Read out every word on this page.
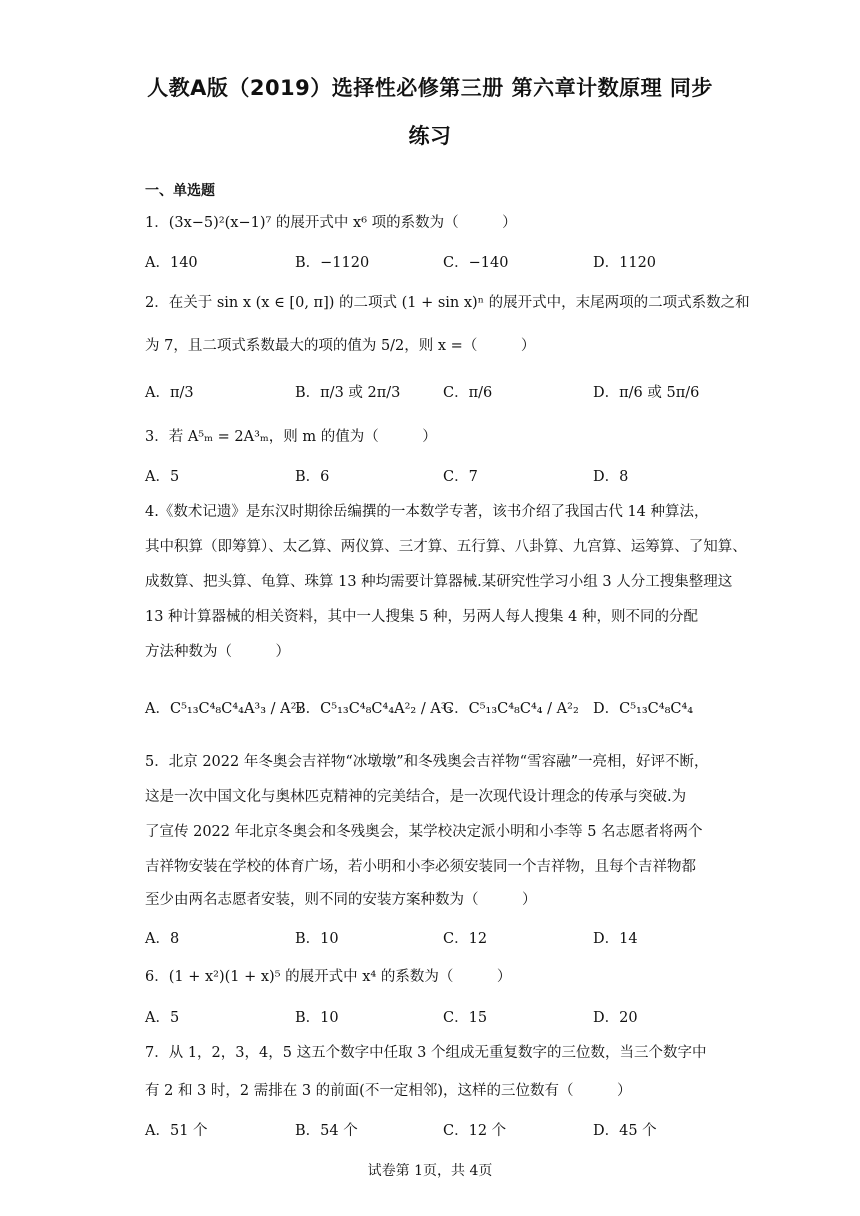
人教A版（2019）选择性必修第三册 第六章计数原理 同步
练习
一、单选题
1．(3x−5)²(x−1)⁷ 的展开式中 x⁶ 项的系数为（　　　）
A．140	B．−1120	C．−140	D．1120
2．在关于 sin x (x ∈ [0, π]) 的二项式 (1 + sin x)ⁿ 的展开式中，末尾两项的二项式系数之和
为 7，且二项式系数最大的项的值为 5/2，则 x =（　　　）
A．π/3	B．π/3 或 2π/3	C．π/6	D．π/6 或 5π/6
3．若 A⁵ₘ = 2A³ₘ，则 m 的值为（　　　）
A．5	B．6	C．7	D．8
4.《数术记遗》是东汉时期徐岳编撰的一本数学专著，该书介绍了我国古代 14 种算法，
其中积算（即筹算）、太乙算、两仪算、三才算、五行算、八卦算、九宫算、运筹算、了知算、
成数算、把头算、龟算、珠算 13 种均需要计算器械.某研究性学习小组 3 人分工搜集整理这
13 种计算器械的相关资料，其中一人搜集 5 种，另两人每人搜集 4 种，则不同的分配
方法种数为（　　　）
A．C⁵₁₃C⁴₈C⁴₄A³₃ / A²₂
B．C⁵₁₃C⁴₈C⁴₄A²₂ / A³₃
C．C⁵₁₃C⁴₈C⁴₄ / A²₂ D．C⁵₁₃C⁴₈C⁴₄
5．北京 2022 年冬奥会吉祥物“冰墩墩”和冬残奥会吉祥物“雪容融”一亮相，好评不断，
这是一次中国文化与奥林匹克精神的完美结合，是一次现代设计理念的传承与突破.为
了宣传 2022 年北京冬奥会和冬残奥会，某学校决定派小明和小李等 5 名志愿者将两个
吉祥物安装在学校的体育广场，若小明和小李必须安装同一个吉祥物，且每个吉祥物都
至少由两名志愿者安装，则不同的安装方案种数为（　　　）
A．8	B．10	C．12	D．14
6．(1 + x²)(1 + x)⁵ 的展开式中 x⁴ 的系数为（　　　）
A．5	B．10	C．15	D．20
7．从 1，2，3，4，5 这五个数字中任取 3 个组成无重复数字的三位数，当三个数字中
有 2 和 3 时，2 需排在 3 的前面(不一定相邻)，这样的三位数有（　　　）
A．51 个	B．54 个	C．12 个	D．45 个
试卷第 1页，共 4页
